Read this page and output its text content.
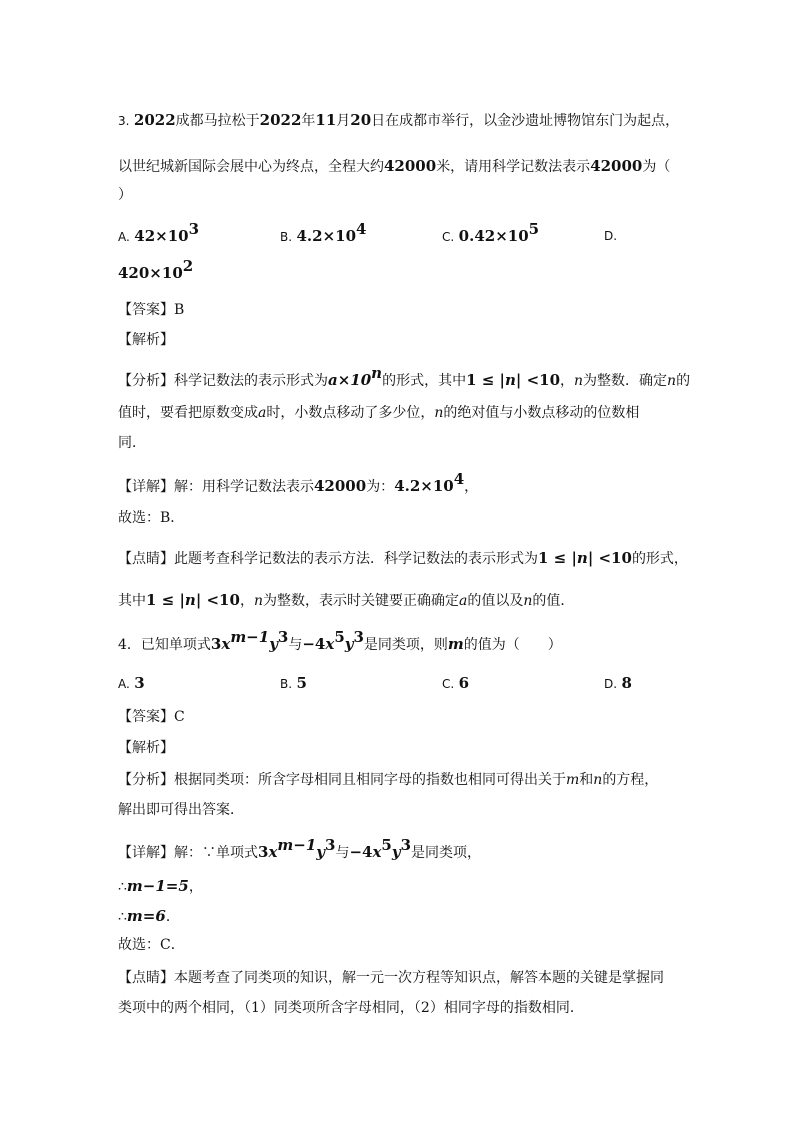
3. 2022成都马拉松于2022年11月20日在成都市举行，以金沙遗址博物馆东门为起点，
以世纪城新国际会展中心为终点，全程大约42000米，请用科学记数法表示42000为（
）
A. $42\times 10^3$	B. $4.2\times 10^4$	C. $0.42\times 10^5$	D.
$420\times 10^2$
【答案】B
【解析】
【分析】科学记数法的表示形式为$a\times 10^n$的形式，其中1 ≤ |n| <10，n为整数．确定n的
值时，要看把原数变成a时，小数点移动了多少位，n的绝对值与小数点移动的位数相
同．
【详解】解：用科学记数法表示42000为：$4.2\times 10^4$，
故选：B．
【点睛】此题考查科学记数法的表示方法．科学记数法的表示形式为1 ≤ |n| <10的形式，
其中1 ≤ |n| <10，n为整数，表示时关键要正确确定a的值以及n的值．
4．已知单项式$3x^{m-1}y^3$与$-4x^5y^3$是同类项，则m的值为（　　）
A. 3	B. 5	C. 6	D. 8
【答案】C
【解析】
【分析】根据同类项：所含字母相同且相同字母的指数也相同可得出关于m和n的方程，
解出即可得出答案．
【详解】解：∵单项式$3x^{m-1}y^3$与$-4x^5y^3$是同类项，
∴m−1=5，
∴m=6．
故选：C．
【点睛】本题考查了同类项的知识，解一元一次方程等知识点，解答本题的关键是掌握同
类项中的两个相同，（1）同类项所含字母相同，（2）相同字母的指数相同．
